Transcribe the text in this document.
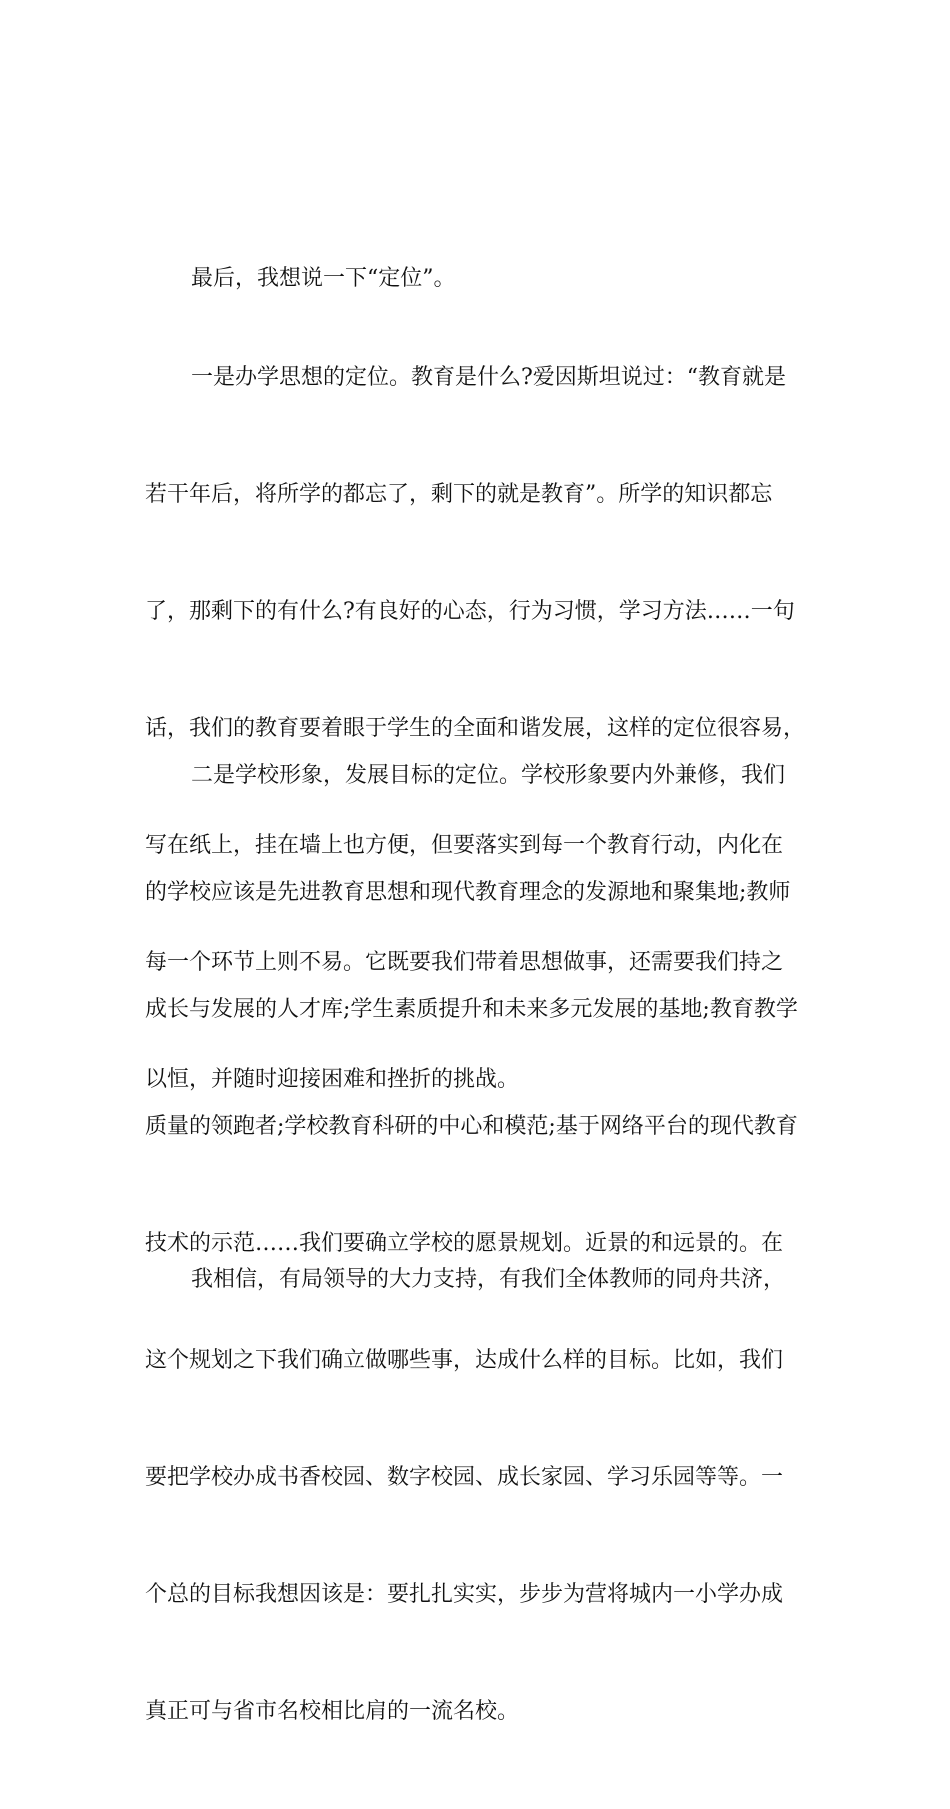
最后，我想说一下“定位”。

一是办学思想的定位。教育是什么?爱因斯坦说过：“教育就是

若干年后，将所学的都忘了，剩下的就是教育”。所学的知识都忘

了，那剩下的有什么?有良好的心态，行为习惯，学习方法……一句

话，我们的教育要着眼于学生的全面和谐发展，这样的定位很容易，

写在纸上，挂在墙上也方便，但要落实到每一个教育行动，内化在

每一个环节上则不易。它既要我们带着思想做事，还需要我们持之

以恒，并随时迎接困难和挫折的挑战。

二是学校形象，发展目标的定位。学校形象要内外兼修，我们

的学校应该是先进教育思想和现代教育理念的发源地和聚集地;教师

成长与发展的人才库;学生素质提升和未来多元发展的基地;教育教学

质量的领跑者;学校教育科研的中心和模范;基于网络平台的现代教育

技术的示范……我们要确立学校的愿景规划。近景的和远景的。在

这个规划之下我们确立做哪些事，达成什么样的目标。比如，我们

要把学校办成书香校园、数字校园、成长家园、学习乐园等等。一

个总的目标我想因该是：要扎扎实实，步步为营将城内一小学办成

真正可与省市名校相比肩的一流名校。

我相信，有局领导的大力支持，有我们全体教师的同舟共济，
